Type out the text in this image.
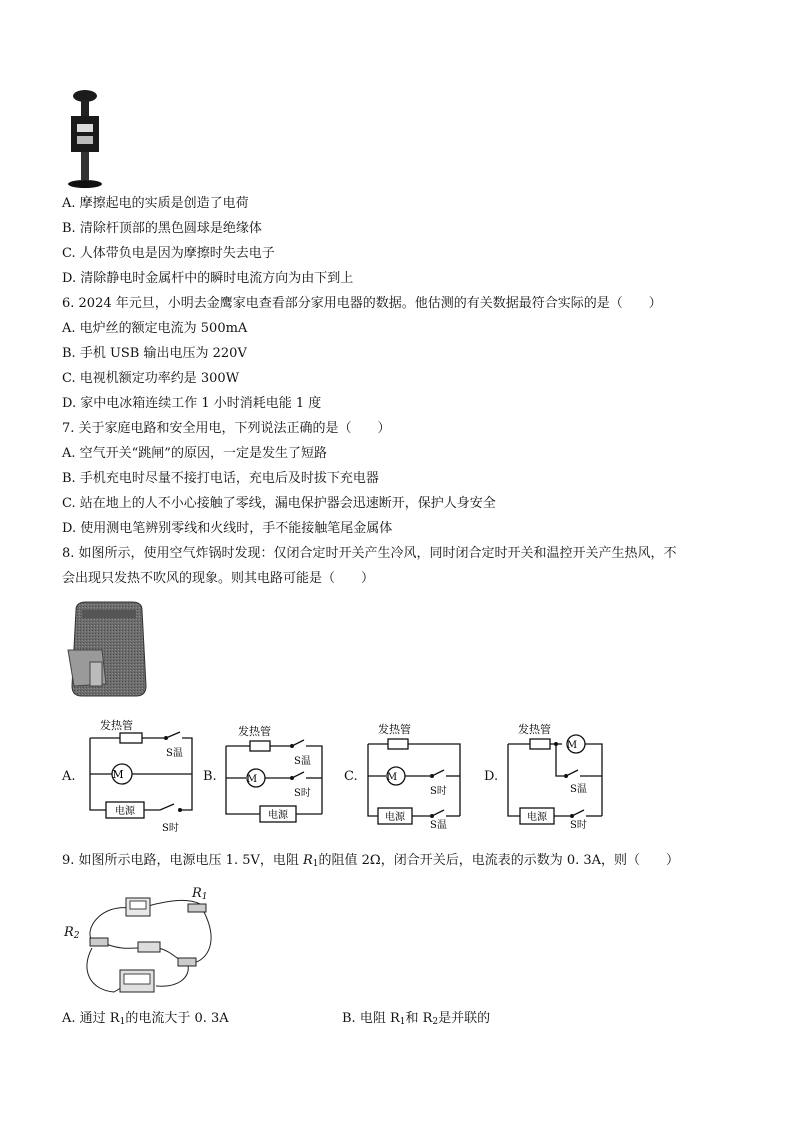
A. 摩擦起电的实质是创造了电荷
B. 清除杆顶部的黑色圆球是绝缘体
C. 人体带负电是因为摩擦时失去电子
D. 清除静电时金属杆中的瞬时电流方向为由下到上
6. 2024 年元旦，小明去金鹰家电查看部分家用电器的数据。他估测的有关数据最符合实际的是（　　）
A. 电炉丝的额定电流为 500mA
B. 手机 USB 输出电压为 220V
C. 电视机额定功率约是 300W
D. 家中电冰箱连续工作 1 小时消耗电能 1 度
7. 关于家庭电路和安全用电，下列说法正确的是（　　）
A. 空气开关“跳闸”的原因，一定是发生了短路
B. 手机充电时尽量不接打电话，充电后及时拔下充电器
C. 站在地上的人不小心接触了零线，漏电保护器会迅速断开，保护人身安全
D. 使用测电笔辨别零线和火线时，手不能接触笔尾金属体
8. 如图所示，使用空气炸锅时发现：仅闭合定时开关产生冷风，同时闭合定时开关和温控开关产生热风，不
会出现只发热不吹风的现象。则其电路可能是（　　）
A.
发热管
M
电源
S温
S时
B.
发热管
M
电源
S温
S时
C.
发热管
M
电源
S时
S温
D.
发热管
M
电源
S温
S时
9. 如图所示电路，电源电压 1. 5V，电阻 $R_1$的阻值 2Ω，闭合开关后，电流表的示数为 0. 3A，则（　　）
$R_1$
$R_2$
A. 通过 $R_1$的电流大于 0. 3A	B. 电阻 $R_1$和 $R_2$是并联的
